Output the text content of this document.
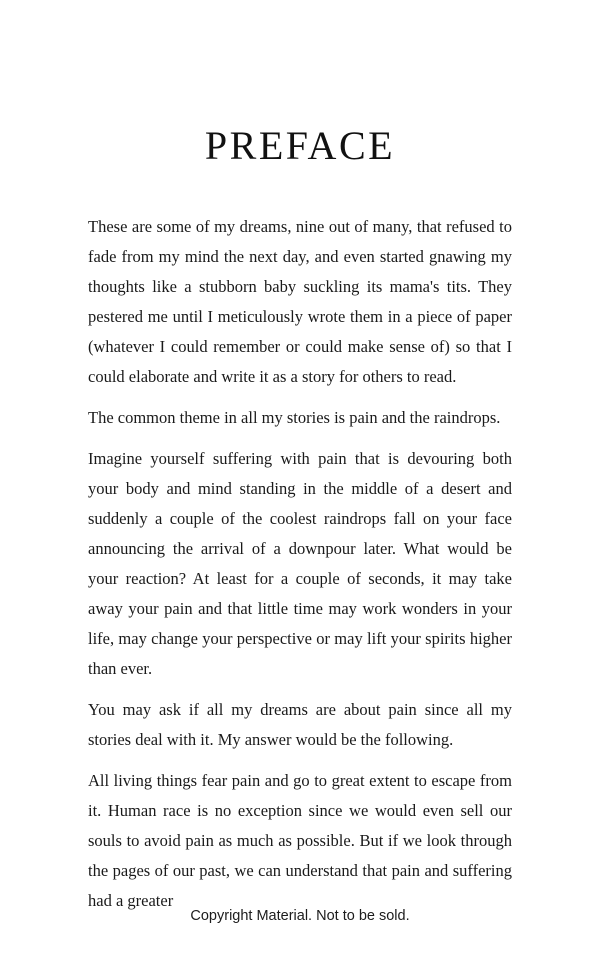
PREFACE

These are some of my dreams, nine out of many, that refused to fade from my mind the next day, and even started gnawing my thoughts like a stubborn baby suckling its mama's tits. They pestered me until I meticulously wrote them in a piece of paper (whatever I could remember or could make sense of) so that I could elaborate and write it as a story for others to read.

The common theme in all my stories is pain and the raindrops.

Imagine yourself suffering with pain that is devouring both your body and mind standing in the middle of a desert and suddenly a couple of the coolest raindrops fall on your face announcing the arrival of a downpour later. What would be your reaction? At least for a couple of seconds, it may take away your pain and that little time may work wonders in your life, may change your perspective or may lift your spirits higher than ever.

You may ask if all my dreams are about pain since all my stories deal with it. My answer would be the following.

All living things fear pain and go to great extent to escape from it. Human race is no exception since we would even sell our souls to avoid pain as much as possible. But if we look through the pages of our past, we can understand that pain and suffering had a greater

Copyright Material. Not to be sold.
